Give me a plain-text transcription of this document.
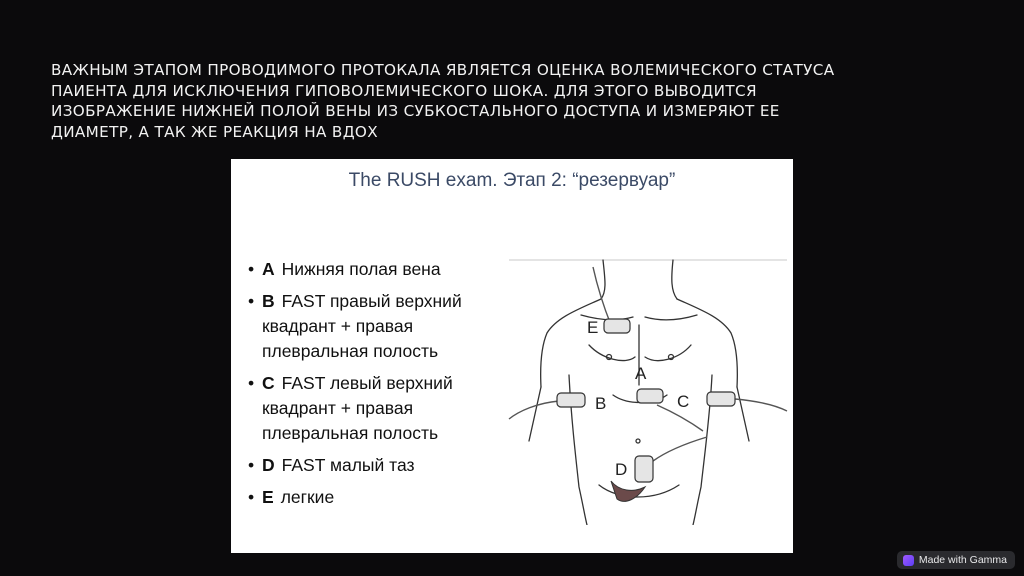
ВАЖНЫМ ЭТАПОМ ПРОВОДИМОГО ПРОТОКАЛА ЯВЛЯЕТСЯ ОЦЕНКА ВОЛЕМИЧЕСКОГО СТАТУСА
ПАИЕНТА ДЛЯ ИСКЛЮЧЕНИЯ ГИПОВОЛЕМИЧЕСКОГО ШОКА. ДЛЯ ЭТОГО ВЫВОДИТСЯ
ИЗОБРАЖЕНИЕ НИЖНЕЙ ПОЛОЙ ВЕНЫ ИЗ СУБКОСТАЛЬНОГО ДОСТУПА И ИЗМЕРЯЮТ ЕЕ
ДИАМЕТР, А ТАК ЖЕ РЕАКЦИЯ НА ВДОХ

The RUSH exam. Этап 2: “резервуар”

• A Нижняя полая вена
• B FAST правый верхний
квадрант + правая
плевральная полость
• C FAST левый верхний
квадрант + правая
плевральная полость
• D FAST малый таз
• E легкие
A
B	C
D
E
Made with Gamma
